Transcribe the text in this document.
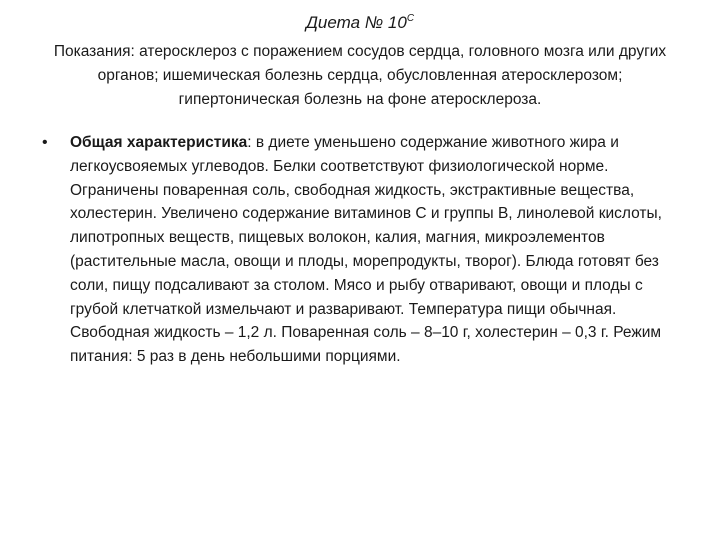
Диета № $10^С$
Показания: атеросклероз с поражением сосудов сердца, головного мозга или других органов; ишемическая болезнь сердца, обусловленная атеросклерозом; гипертоническая болезнь на фоне атеросклероза.
• Общая характеристика: в диете уменьшено содержание животного жира и легкоусвояемых углеводов. Белки соответствуют физиологической норме. Ограничены поваренная соль, свободная жидкость, экстрактивные вещества, холестерин. Увеличено содержание витаминов С и группы В, линолевой кислоты, липотропных веществ, пищевых волокон, калия, магния, микроэлементов (растительные масла, овощи и плоды, морепродукты, творог). Блюда готовят без соли, пищу подсаливают за столом. Мясо и рыбу отваривают, овощи и плоды с грубой клетчаткой измельчают и разваривают. Температура пищи обычная. Свободная жидкость – 1,2 л. Поваренная соль – 8–10 г, холестерин – 0,3 г. Режим питания: 5 раз в день небольшими порциями.
